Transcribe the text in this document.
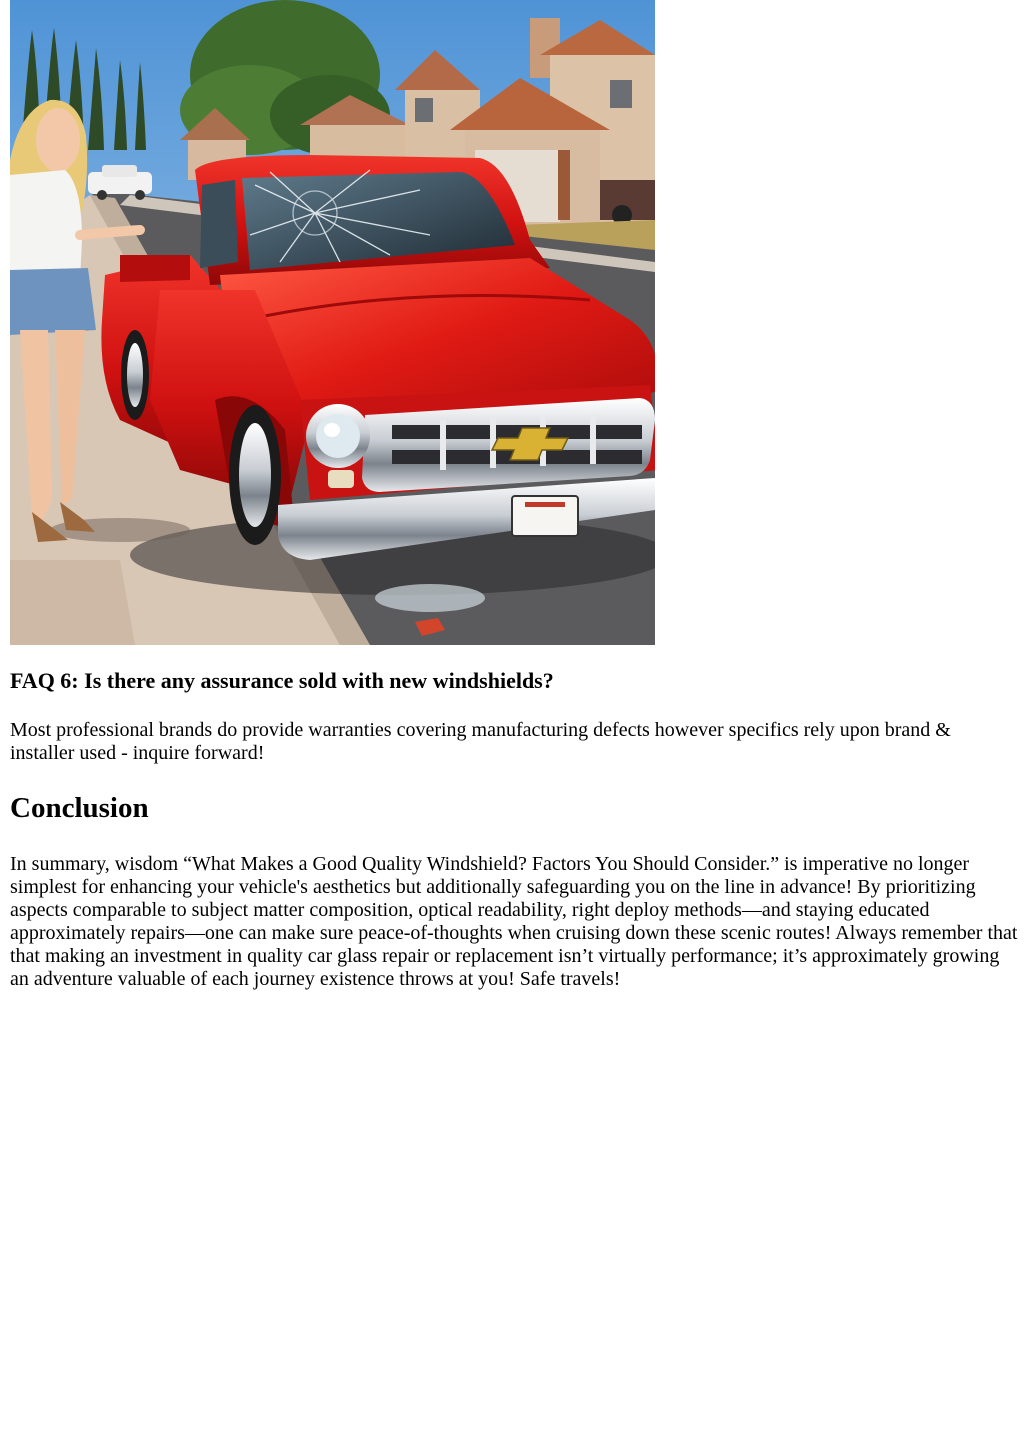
FAQ 6: Is there any assurance sold with new windshields?

Most professional brands do provide warranties covering manufacturing defects however specifics rely upon brand & installer used - inquire forward!

Conclusion

In summary, wisdom “What Makes a Good Quality Windshield? Factors You Should Consider.” is imperative no longer simplest for enhancing your vehicle's aesthetics but additionally safeguarding you on the line in advance! By prioritizing aspects comparable to subject matter composition, optical readability, right deploy methods—and staying educated approximately repairs—one can make sure peace-of-thoughts when cruising down these scenic routes! Always remember that that making an investment in quality car glass repair or replacement isn’t virtually performance; it’s approximately growing an adventure valuable of each journey existence throws at you! Safe travels!
